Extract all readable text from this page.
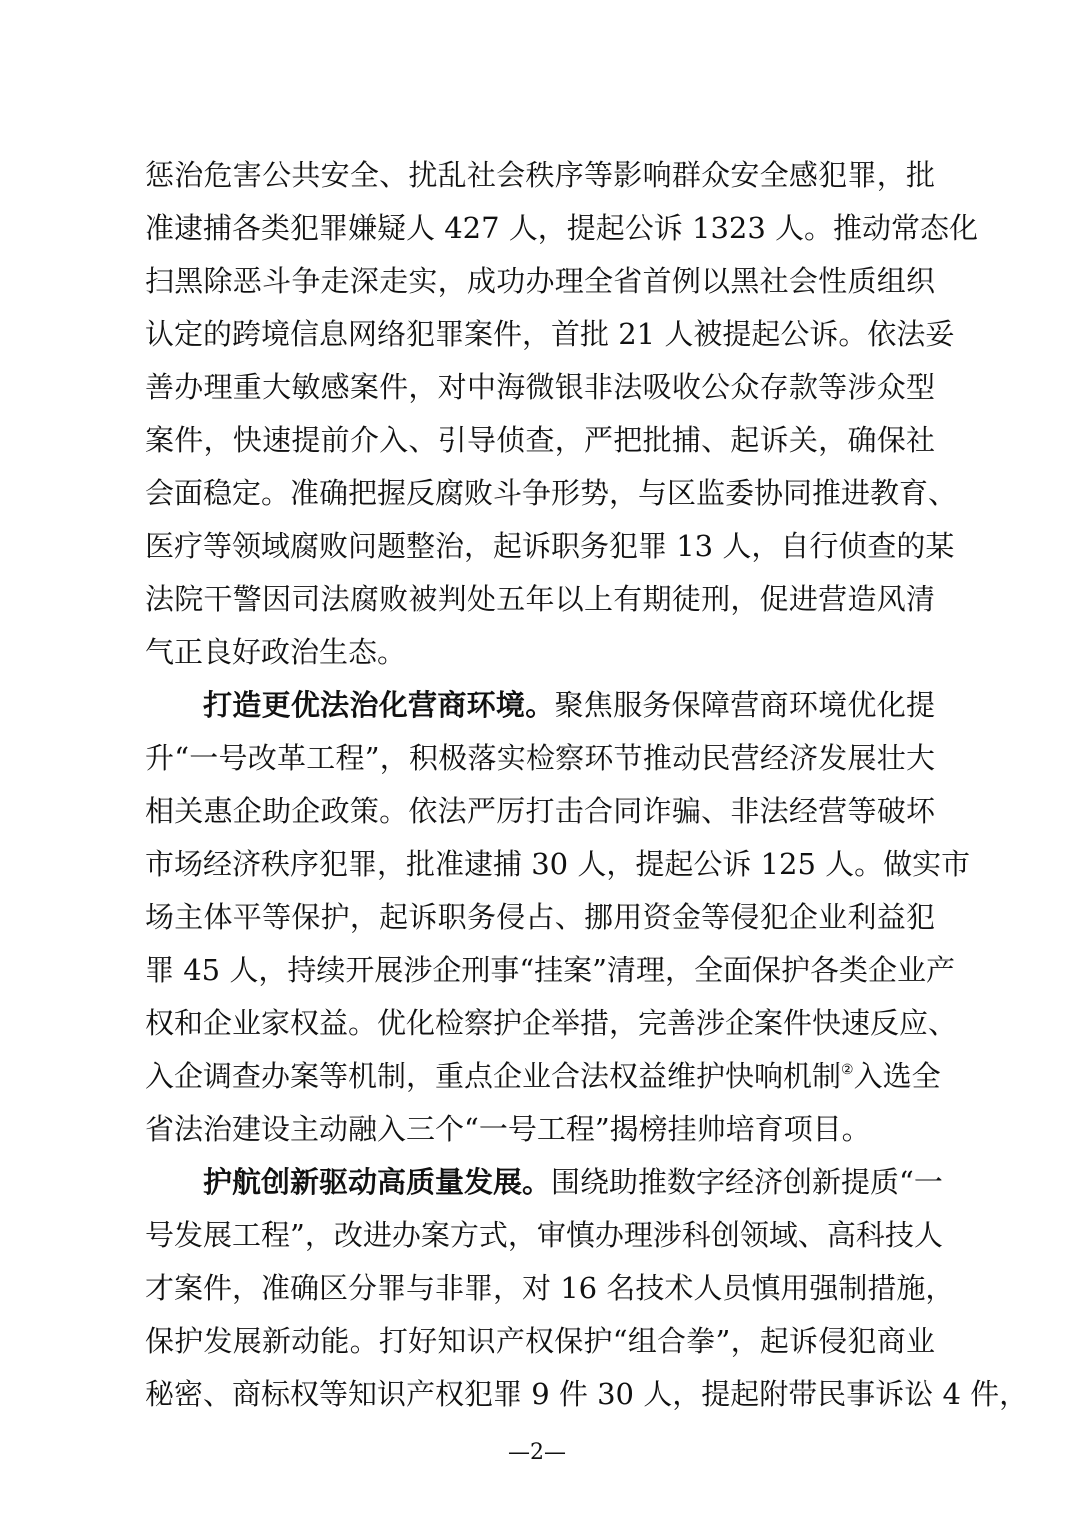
惩治危害公共安全、扰乱社会秩序等影响群众安全感犯罪，批
准逮捕各类犯罪嫌疑人 427 人，提起公诉 1323 人。推动常态化
扫黑除恶斗争走深走实，成功办理全省首例以黑社会性质组织
认定的跨境信息网络犯罪案件，首批 21 人被提起公诉。依法妥
善办理重大敏感案件，对中海微银非法吸收公众存款等涉众型
案件，快速提前介入、引导侦查，严把批捕、起诉关，确保社
会面稳定。准确把握反腐败斗争形势，与区监委协同推进教育、
医疗等领域腐败问题整治，起诉职务犯罪 13 人，自行侦查的某
法院干警因司法腐败被判处五年以上有期徒刑，促进营造风清
气正良好政治生态。
打造更优法治化营商环境。聚焦服务保障营商环境优化提
升“一号改革工程”，积极落实检察环节推动民营经济发展壮大
相关惠企助企政策。依法严厉打击合同诈骗、非法经营等破坏
市场经济秩序犯罪，批准逮捕 30 人，提起公诉 125 人。做实市
场主体平等保护，起诉职务侵占、挪用资金等侵犯企业利益犯
罪 45 人，持续开展涉企刑事“挂案”清理，全面保护各类企业产
权和企业家权益。优化检察护企举措，完善涉企案件快速反应、
入企调查办案等机制，重点企业合法权益维护快响机制②入选全
省法治建设主动融入三个“一号工程”揭榜挂帅培育项目。
护航创新驱动高质量发展。围绕助推数字经济创新提质“一
号发展工程”，改进办案方式，审慎办理涉科创领域、高科技人
才案件，准确区分罪与非罪，对 16 名技术人员慎用强制措施，
保护发展新动能。打好知识产权保护“组合拳”，起诉侵犯商业
秘密、商标权等知识产权犯罪 9 件 30 人，提起附带民事诉讼 4 件，
—2—
